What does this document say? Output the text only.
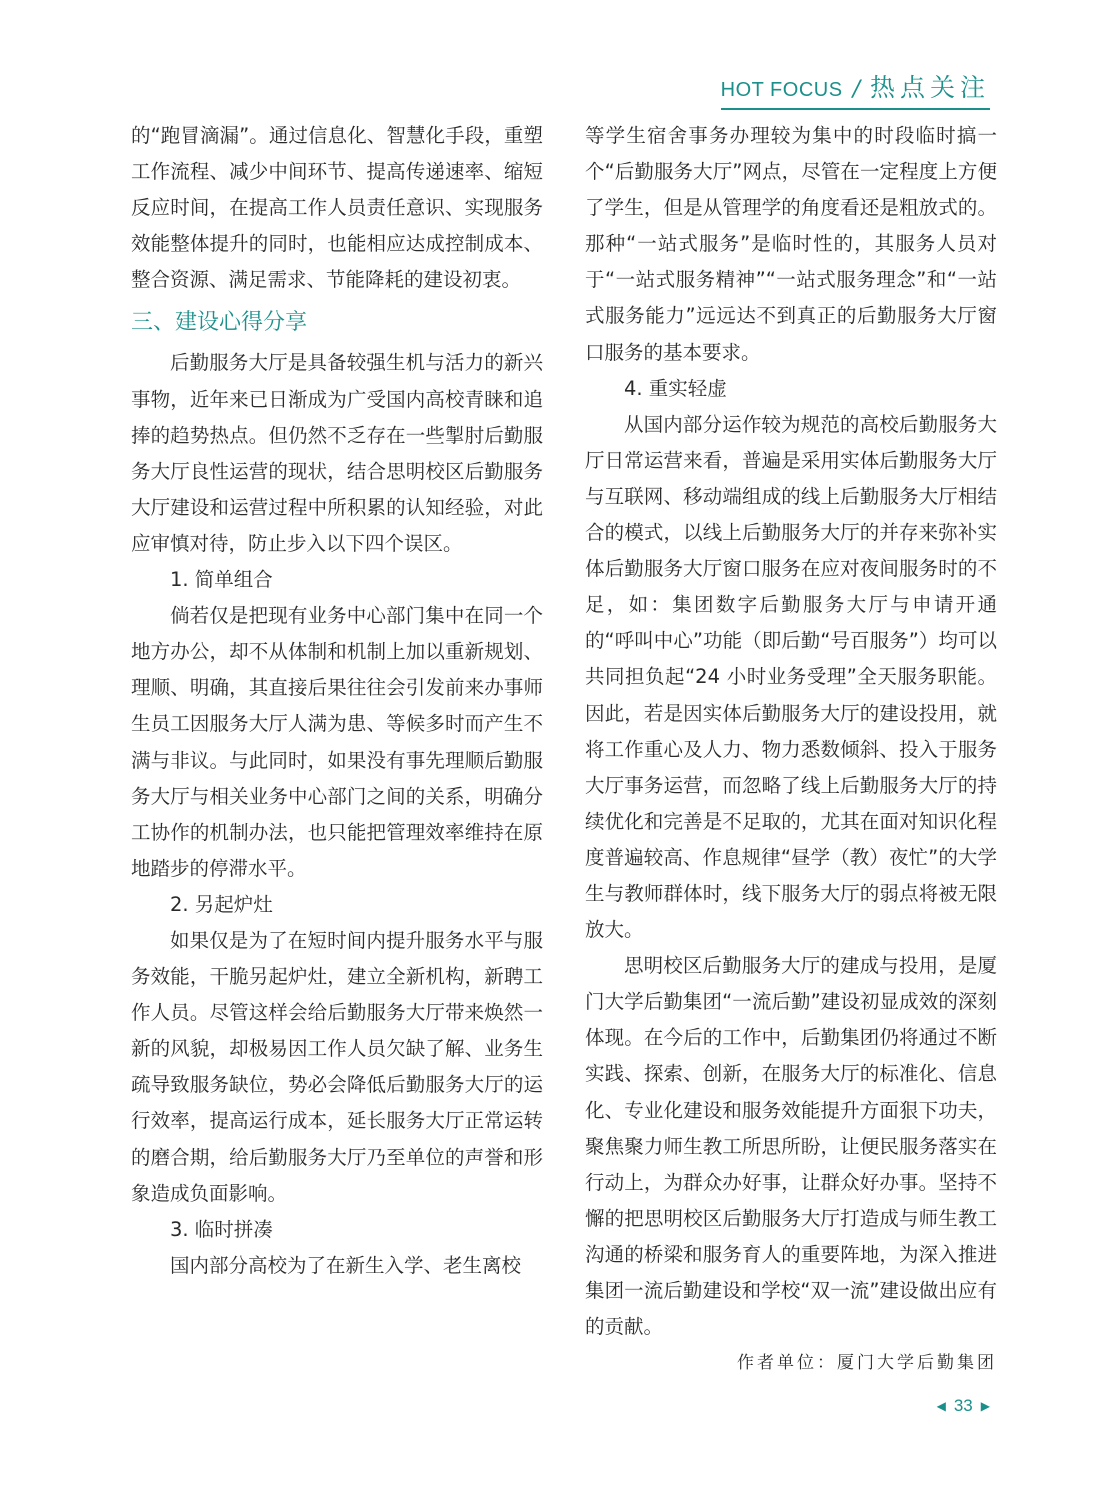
HOT FOCUS / 热点关注

的“跑冒滴漏”。通过信息化、智慧化手段，重塑工作流程、减少中间环节、提高传递速率、缩短反应时间，在提高工作人员责任意识、实现服务效能整体提升的同时，也能相应达成控制成本、整合资源、满足需求、节能降耗的建设初衷。

三、建设心得分享

后勤服务大厅是具备较强生机与活力的新兴事物，近年来已日渐成为广受国内高校青睐和追捧的趋势热点。但仍然不乏存在一些掣肘后勤服务大厅良性运营的现状，结合思明校区后勤服务大厅建设和运营过程中所积累的认知经验，对此应审慎对待，防止步入以下四个误区。

1. 简单组合

倘若仅是把现有业务中心部门集中在同一个地方办公，却不从体制和机制上加以重新规划、理顺、明确，其直接后果往往会引发前来办事师生员工因服务大厅人满为患、等候多时而产生不满与非议。与此同时，如果没有事先理顺后勤服务大厅与相关业务中心部门之间的关系，明确分工协作的机制办法，也只能把管理效率维持在原地踏步的停滞水平。

2. 另起炉灶

如果仅是为了在短时间内提升服务水平与服务效能，干脆另起炉灶，建立全新机构，新聘工作人员。尽管这样会给后勤服务大厅带来焕然一新的风貌，却极易因工作人员欠缺了解、业务生疏导致服务缺位，势必会降低后勤服务大厅的运行效率，提高运行成本，延长服务大厅正常运转的磨合期，给后勤服务大厅乃至单位的声誉和形象造成负面影响。

3. 临时拼凑

国内部分高校为了在新生入学、老生离校

等学生宿舍事务办理较为集中的时段临时搞一个“后勤服务大厅”网点，尽管在一定程度上方便了学生，但是从管理学的角度看还是粗放式的。那种“一站式服务”是临时性的，其服务人员对于“一站式服务精神”“一站式服务理念”和“一站式服务能力”远远达不到真正的后勤服务大厅窗口服务的基本要求。

4. 重实轻虚

从国内部分运作较为规范的高校后勤服务大厅日常运营来看，普遍是采用实体后勤服务大厅与互联网、移动端组成的线上后勤服务大厅相结合的模式，以线上后勤服务大厅的并存来弥补实体后勤服务大厅窗口服务在应对夜间服务时的不足，如：集团数字后勤服务大厅与申请开通的“呼叫中心”功能（即后勤“号百服务”）均可以共同担负起“24 小时业务受理”全天服务职能。因此，若是因实体后勤服务大厅的建设投用，就将工作重心及人力、物力悉数倾斜、投入于服务大厅事务运营，而忽略了线上后勤服务大厅的持续优化和完善是不足取的，尤其在面对知识化程度普遍较高、作息规律“昼学（教）夜忙”的大学生与教师群体时，线下服务大厅的弱点将被无限放大。

思明校区后勤服务大厅的建成与投用，是厦门大学后勤集团“一流后勤”建设初显成效的深刻体现。在今后的工作中，后勤集团仍将通过不断实践、探索、创新，在服务大厅的标准化、信息化、专业化建设和服务效能提升方面狠下功夫，聚焦聚力师生教工所思所盼，让便民服务落实在行动上，为群众办好事，让群众好办事。坚持不懈的把思明校区后勤服务大厅打造成与师生教工沟通的桥梁和服务育人的重要阵地，为深入推进集团一流后勤建设和学校“双一流”建设做出应有的贡献。

作者单位：厦门大学后勤集团

◀ 33 ▶
